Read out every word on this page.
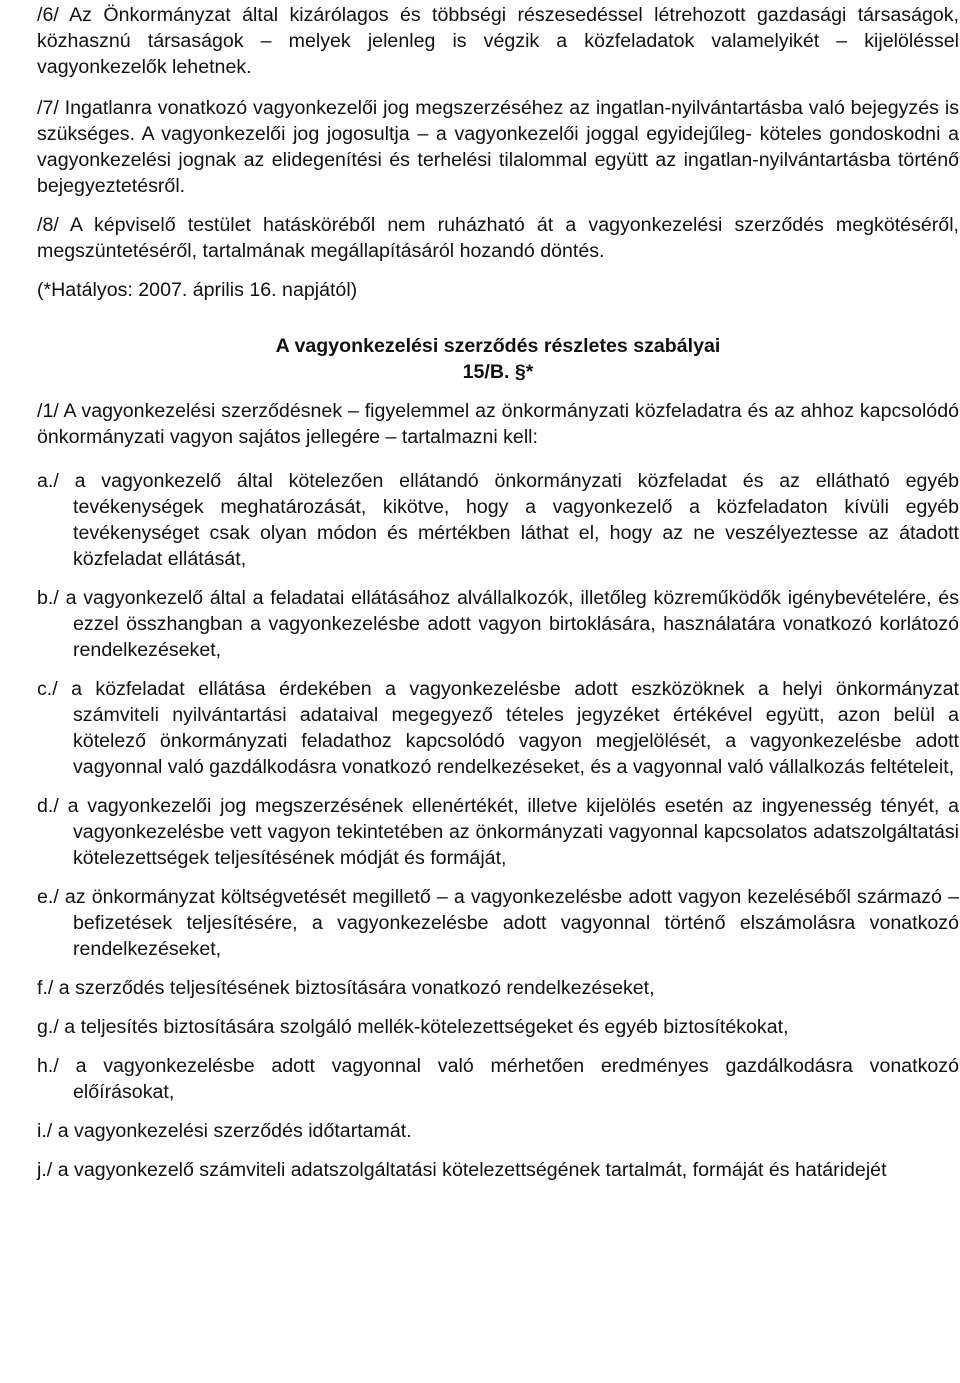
/6/ Az Önkormányzat által kizárólagos és többségi részesedéssel létrehozott gazdasági társaságok, közhasznú társaságok – melyek jelenleg is végzik a közfeladatok valamelyikét – kijelöléssel vagyonkezelők lehetnek.

/7/ Ingatlanra vonatkozó vagyonkezelői jog megszerzéséhez az ingatlan-nyilvántartásba való bejegyzés is szükséges. A vagyonkezelői jog jogosultja – a vagyonkezelői joggal egyidejűleg- köteles gondoskodni a vagyonkezelési jognak az elidegenítési és terhelési tilalommal együtt az ingatlan-nyilvántartásba történő bejegyeztetésről.

/8/ A képviselő testület hatásköréből nem ruházható át a vagyonkezelési szerződés megkötéséről, megszüntetéséről, tartalmának megállapításáról hozandó döntés.

(*Hatályos: 2007. április 16. napjától)

A vagyonkezelési szerződés részletes szabályai

15/B. §*

/1/ A vagyonkezelési szerződésnek – figyelemmel az önkormányzati közfeladatra és az ahhoz kapcsolódó önkormányzati vagyon sajátos jellegére – tartalmazni kell:

a./ a vagyonkezelő által kötelezően ellátandó önkormányzati közfeladat és az ellátható egyéb tevékenységek meghatározását, kikötve, hogy a vagyonkezelő a közfeladaton kívüli egyéb tevékenységet csak olyan módon és mértékben láthat el, hogy az ne veszélyeztesse az átadott közfeladat ellátását,

b./ a vagyonkezelő által a feladatai ellátásához alvállalkozók, illetőleg közreműködők igénybevételére, és ezzel összhangban a vagyonkezelésbe adott vagyon birtoklására, használatára vonatkozó korlátozó rendelkezéseket,

c./ a közfeladat ellátása érdekében a vagyonkezelésbe adott eszközöknek a helyi önkormányzat számviteli nyilvántartási adataival megegyező tételes jegyzéket értékével együtt, azon belül a kötelező önkormányzati feladathoz kapcsolódó vagyon megjelölését, a vagyonkezelésbe adott vagyonnal való gazdálkodásra vonatkozó rendelkezéseket, és a vagyonnal való vállalkozás feltételeit,

d./ a vagyonkezelői jog megszerzésének ellenértékét, illetve kijelölés esetén az ingyenesség tényét, a vagyonkezelésbe vett vagyon tekintetében az önkormányzati vagyonnal kapcsolatos adatszolgáltatási kötelezettségek teljesítésének módját és formáját,

e./ az önkormányzat költségvetését megillető – a vagyonkezelésbe adott vagyon kezeléséből származó – befizetések teljesítésére, a vagyonkezelésbe adott vagyonnal történő elszámolásra vonatkozó rendelkezéseket,

f./ a szerződés teljesítésének biztosítására vonatkozó rendelkezéseket,

g./ a teljesítés biztosítására szolgáló mellék-kötelezettségeket és egyéb biztosítékokat,

h./ a vagyonkezelésbe adott vagyonnal való mérhetően eredményes gazdálkodásra vonatkozó előírásokat,

i./ a vagyonkezelési szerződés időtartamát.

j./ a vagyonkezelő számviteli adatszolgáltatási kötelezettségének tartalmát, formáját és határidejét
